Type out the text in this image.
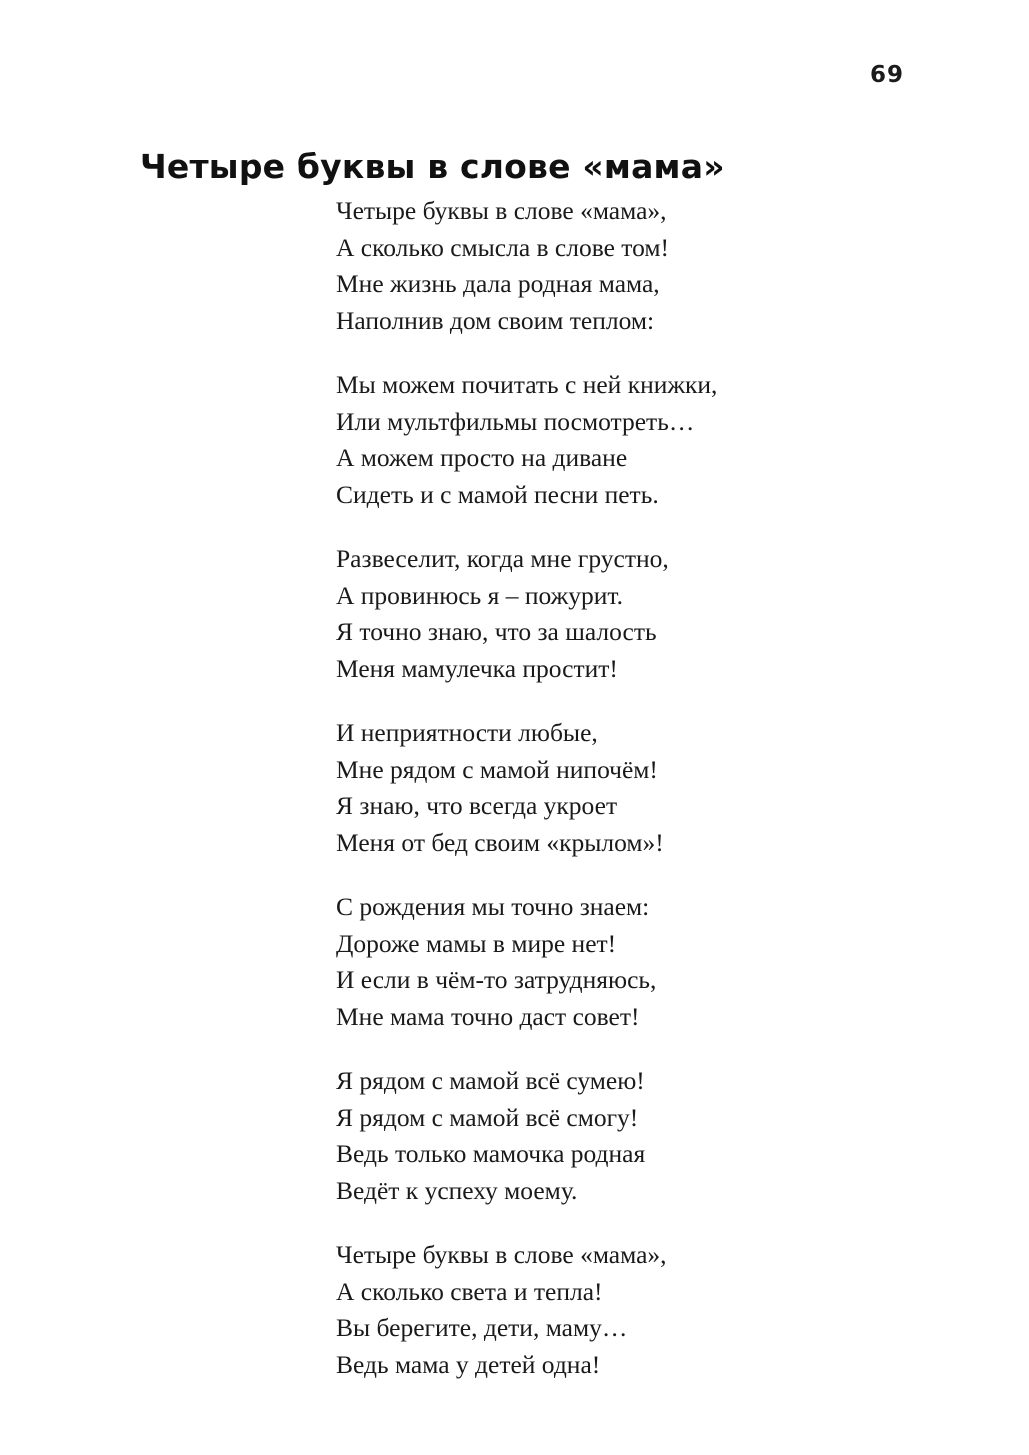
69
Четыре буквы в слове «мама»
Четыре буквы в слове «мама»,
А сколько смысла в слове том!
Мне жизнь дала родная мама,
Наполнив дом своим теплом:
Мы можем почитать с ней книжки,
Или мультфильмы посмотреть…
А можем просто на диване
Сидеть и с мамой песни петь.
Развеселит, когда мне грустно,
А провинюсь я – пожурит.
Я точно знаю, что за шалость
Меня мамулечка простит!
И неприятности любые,
Мне рядом с мамой нипочём!
Я знаю, что всегда укроет
Меня от бед своим «крылом»!
С рождения мы точно знаем:
Дороже мамы в мире нет!
И если в чём-то затрудняюсь,
Мне мама точно даст совет!
Я рядом с мамой всё сумею!
Я рядом с мамой всё смогу!
Ведь только мамочка родная
Ведёт к успеху моему.
Четыре буквы в слове «мама»,
А сколько света и тепла!
Вы берегите, дети, маму…
Ведь мама у детей одна!
